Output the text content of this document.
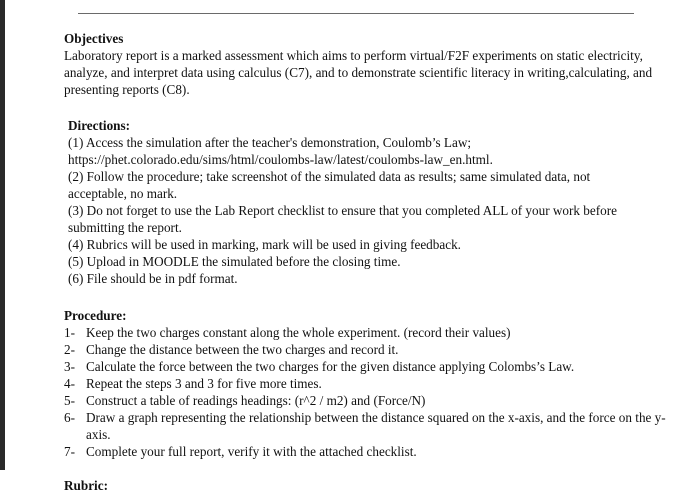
Objectives

Laboratory report is a marked assessment which aims to perform virtual/F2F experiments on static electricity,

analyze, and interpret data using calculus (C7), and to demonstrate scientific literacy in writing,calculating, and

presenting reports (C8).

Directions:

(1) Access the simulation after the teacher's demonstration, Coulomb’s Law;

https://phet.colorado.edu/sims/html/coulombs-law/latest/coulombs-law_en.html.

(2) Follow the procedure; take screenshot of the simulated data as results; same simulated data, not

acceptable, no mark.

(3) Do not forget to use the Lab Report checklist to ensure that you completed ALL of your work before

submitting the report.

(4) Rubrics will be used in marking, mark will be used in giving feedback.

(5) Upload in MOODLE the simulated before the closing time.

(6) File should be in pdf format.

Procedure:

1- Keep the two charges constant along the whole experiment. (record their values)
2- Change the distance between the two charges and record it.
3- Calculate the force between the two charges for the given distance applying Colombs’s Law.
4- Repeat the steps 3 and 3 for five more times.
5- Construct a table of readings headings: (r^2 / m2) and (Force/N)
6- Draw a graph representing the relationship between the distance squared on the x-axis, and the force on the y-axis.
7- Complete your full report, verify it with the attached checklist.

Rubric:
